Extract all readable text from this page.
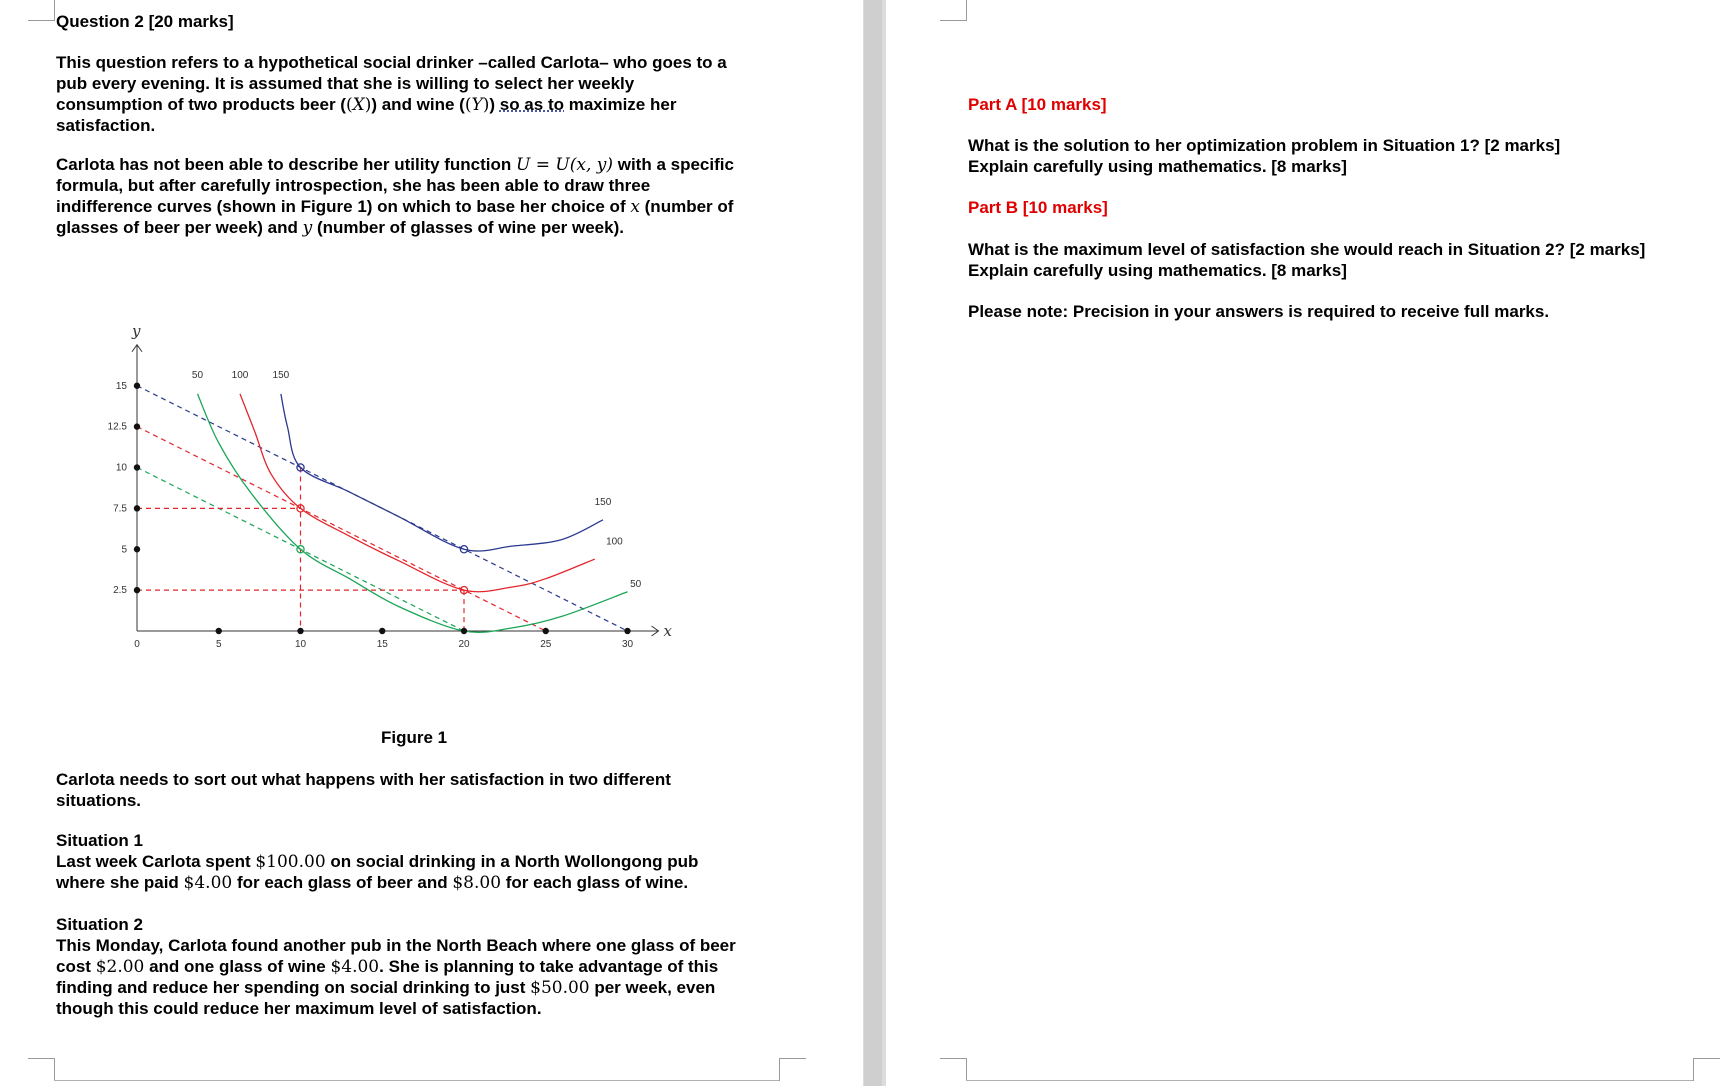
Question 2 [20 marks]

This question refers to a hypothetical social drinker –called Carlota– who goes to a

pub every evening. It is assumed that she is willing to select her weekly

consumption of two products beer ((X)) and wine ((Y)) so as to maximize her

satisfaction.

Carlota has not been able to describe her utility function U = U(x, y) with a specific

formula, but after carefully introspection, she has been able to draw three

indifference curves (shown in Figure 1) on which to base her choice of x (number of

glasses of beer per week) and y (number of glasses of wine per week).

x
y
0	5	10	15	20	25	30
2.5
5
7.5
10
12.5
15
50	100 150
150
100
50

Figure 1

Carlota needs to sort out what happens with her satisfaction in two different

situations.

Situation 1

Last week Carlota spent $100.00 on social drinking in a North Wollongong pub

where she paid $4.00 for each glass of beer and $8.00 for each glass of wine.

Situation 2

This Monday, Carlota found another pub in the North Beach where one glass of beer

cost $2.00 and one glass of wine $4.00. She is planning to take advantage of this

finding and reduce her spending on social drinking to just $50.00 per week, even

though this could reduce her maximum level of satisfaction.

Part A [10 marks]

What is the solution to her optimization problem in Situation 1? [2 marks]

Explain carefully using mathematics. [8 marks]

Part B [10 marks]

What is the maximum level of satisfaction she would reach in Situation 2? [2 marks]

Explain carefully using mathematics. [8 marks]

Please note: Precision in your answers is required to receive full marks.
